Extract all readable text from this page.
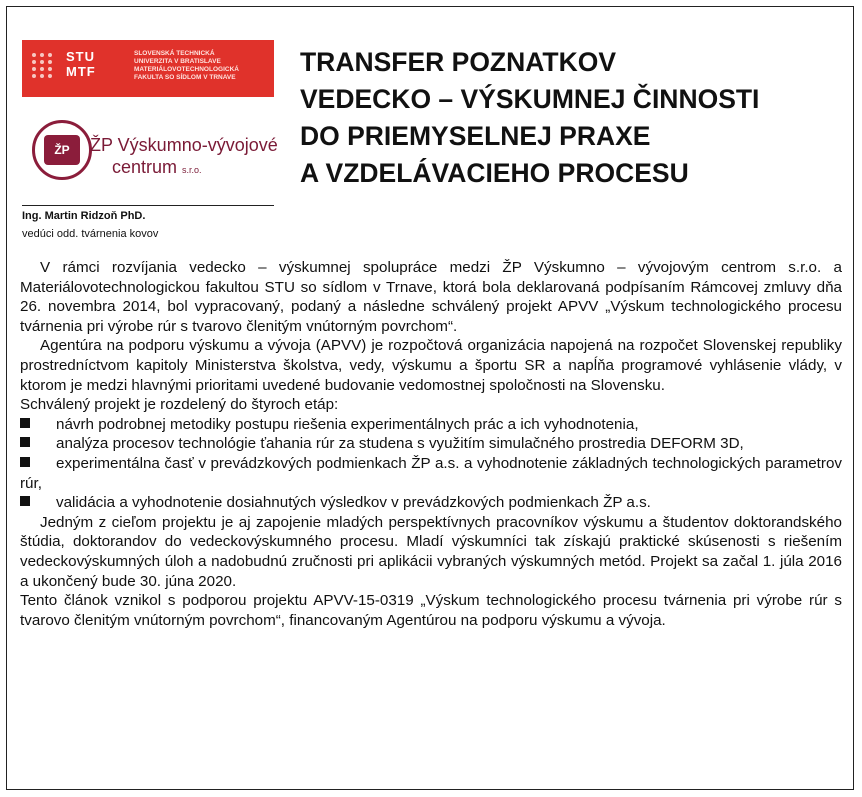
STU
MTF
SLOVENSKÁ TECHNICKÁ
UNIVERZITA V BRATISLAVE
MATERIÁLOVOTECHNOLOGICKÁ
FAKULTA SO SÍDLOM V TRNAVE
ŽP	ŽP Výskumno-vývojové
centrum s.r.o.
Ing. Martin Ridzoň PhD.
vedúci odd. tvárnenia kovov
TRANSFER POZNATKOV
VEDECKO – VÝSKUMNEJ ČINNOSTI
DO PRIEMYSELNEJ PRAXE
A VZDELÁVACIEHO PROCESU

V rámci rozvíjania vedecko – výskumnej spolupráce medzi ŽP Výskumno – vývojovým centrom s.r.o. a Materiálovotechnologickou fakultou STU so sídlom v Trnave, ktorá bola deklarovaná podpísaním Rámcovej zmluvy dňa 26. novembra 2014, bol vypracovaný, podaný a následne schválený projekt APVV „Výskum technologického procesu tvárnenia pri výrobe rúr s tvarovo členitým vnútorným povrchom“.

Agentúra na podporu výskumu a vývoja (APVV) je rozpočtová organizácia napojená na rozpočet Slovenskej republiky prostredníctvom kapitoly Ministerstva školstva, vedy, výskumu a športu SR a napĺňa programové vyhlásenie vlády, v ktorom je medzi hlavnými prioritami uvedené budovanie vedomostnej spoločnosti na Slovensku.

Schválený projekt je rozdelený do štyroch etáp:

návrh podrobnej metodiky postupu riešenia experimentálnych prác a ich vyhodnotenia,

analýza procesov technológie ťahania rúr za studena s využitím simulačného prostredia DEFORM 3D,

experimentálna časť v prevádzkových podmienkach ŽP a.s. a vyhodnotenie základných technologických parametrov rúr,

validácia a vyhodnotenie dosiahnutých výsledkov v prevádzkových podmienkach ŽP a.s.

Jedným z cieľom projektu je aj zapojenie mladých perspektívnych pracovníkov výskumu a študentov doktorandského štúdia, doktorandov do vedeckovýskumného procesu. Mladí výskumníci tak získajú praktické skúsenosti s riešením vedeckovýskumných úloh a nadobudnú zručnosti pri aplikácii vybraných výskumných metód. Projekt sa začal 1. júla 2016 a ukončený bude 30. júna 2020.

Tento článok vznikol s podporou projektu APVV-15-0319 „Výskum technologického procesu tvárnenia pri výrobe rúr s tvarovo členitým vnútorným povrchom“, financovaným Agentúrou na podporu výskumu a vývoja.
